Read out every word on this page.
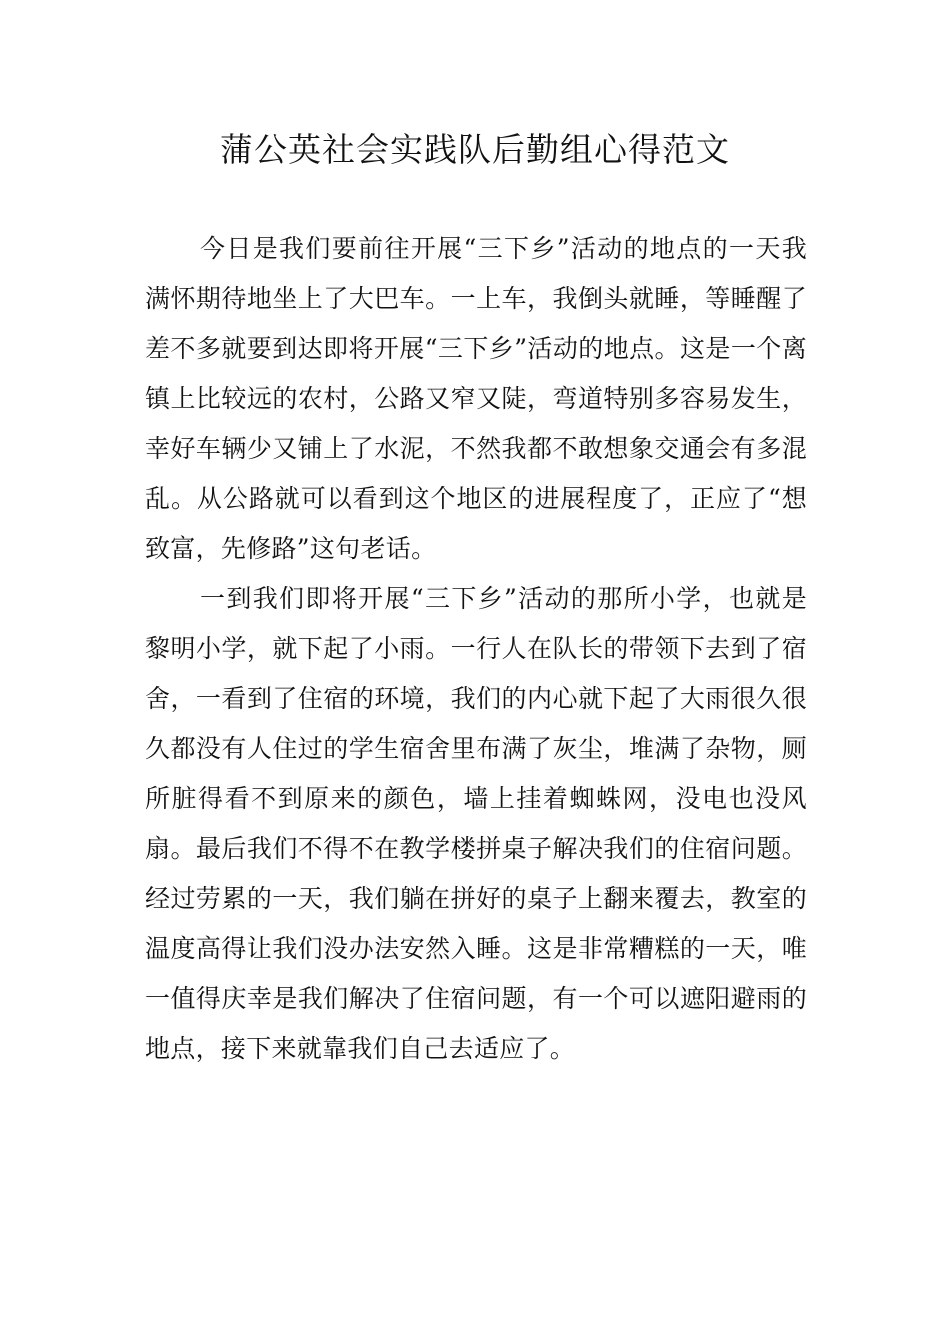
蒲公英社会实践队后勤组心得范文

今日是我们要前往开展“三下乡”活动的地点的一天我满怀期待地坐上了大巴车。一上车，我倒头就睡，等睡醒了差不多就要到达即将开展“三下乡”活动的地点。这是一个离镇上比较远的农村，公路又窄又陡，弯道特别多容易发生，幸好车辆少又铺上了水泥，不然我都不敢想象交通会有多混乱。从公路就可以看到这个地区的进展程度了，正应了“想致富，先修路”这句老话。

一到我们即将开展“三下乡”活动的那所小学，也就是黎明小学，就下起了小雨。一行人在队长的带领下去到了宿舍，一看到了住宿的环境，我们的内心就下起了大雨很久很久都没有人住过的学生宿舍里布满了灰尘，堆满了杂物，厕所脏得看不到原来的颜色，墙上挂着蜘蛛网，没电也没风扇。最后我们不得不在教学楼拼桌子解决我们的住宿问题。经过劳累的一天，我们躺在拼好的桌子上翻来覆去，教室的温度高得让我们没办法安然入睡。这是非常糟糕的一天，唯一值得庆幸是我们解决了住宿问题，有一个可以遮阳避雨的地点，接下来就靠我们自己去适应了。
